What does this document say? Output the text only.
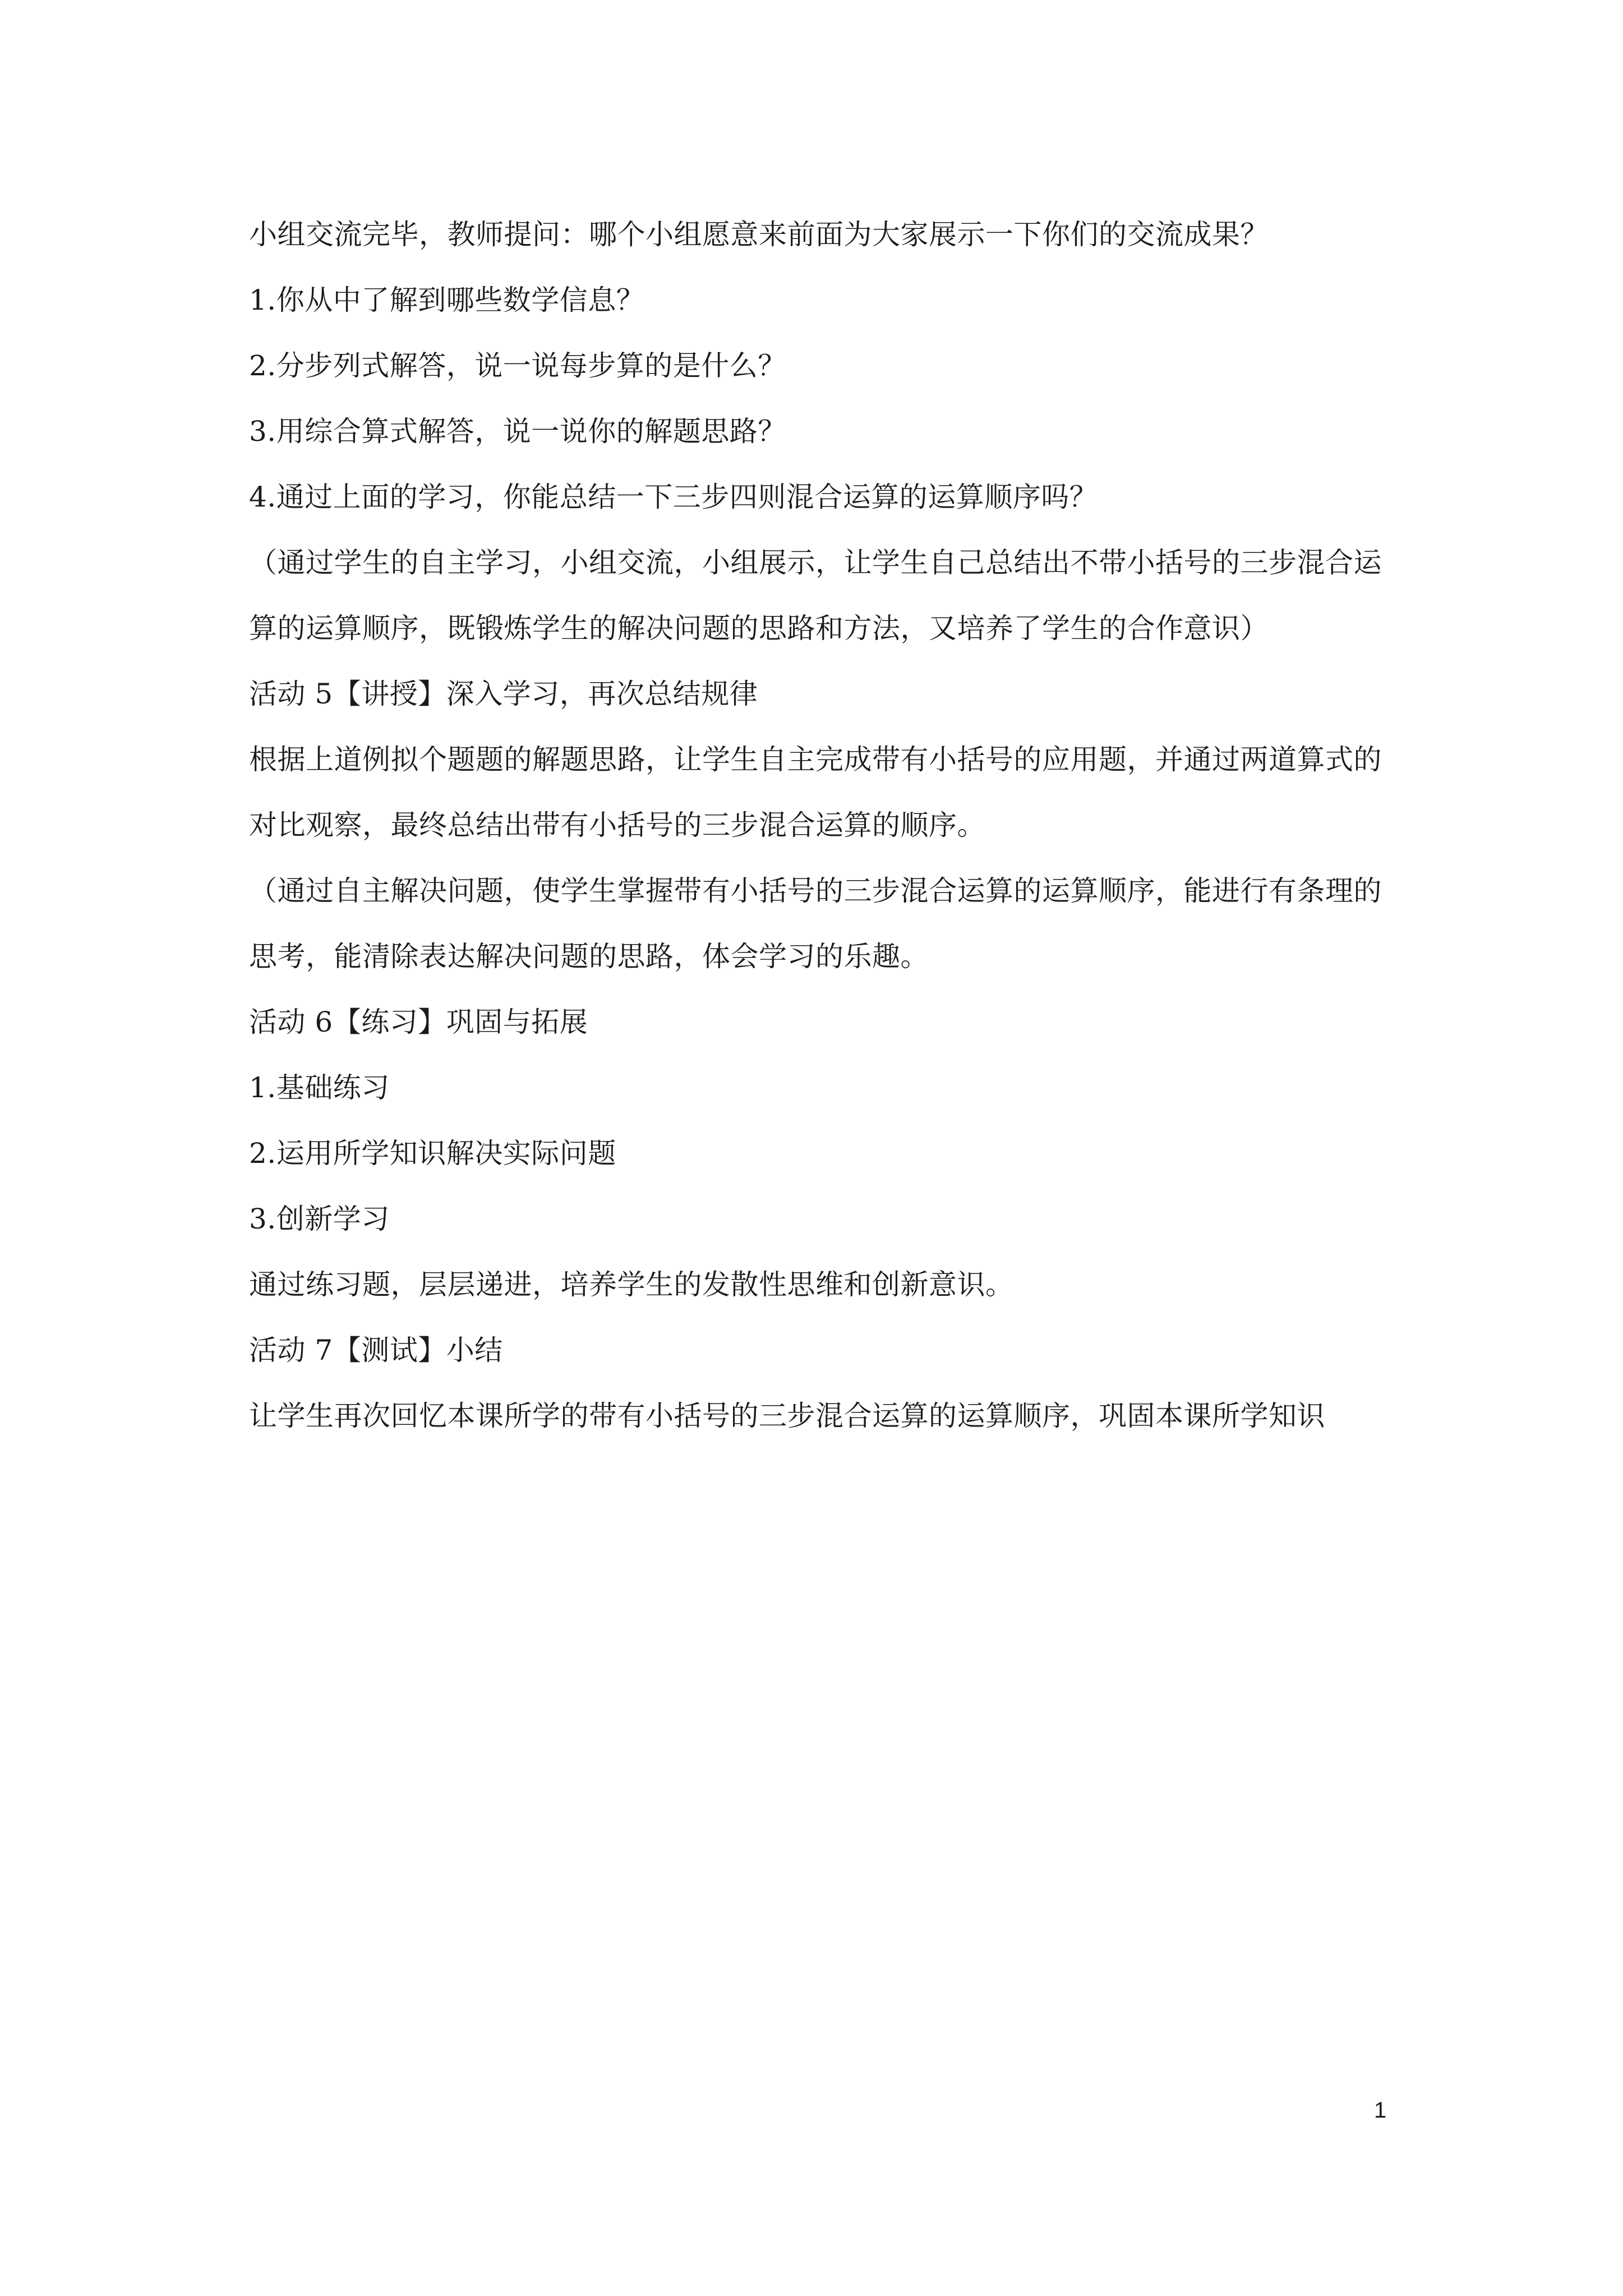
小组交流完毕，教师提问：哪个小组愿意来前面为大家展示一下你们的交流成果？
1.你从中了解到哪些数学信息？
2.分步列式解答，说一说每步算的是什么？
3.用综合算式解答，说一说你的解题思路？
4.通过上面的学习，你能总结一下三步四则混合运算的运算顺序吗？
（通过学生的自主学习，小组交流，小组展示，让学生自己总结出不带小括号的三步混合运
算的运算顺序，既锻炼学生的解决问题的思路和方法，又培养了学生的合作意识）
活动 5【讲授】深入学习，再次总结规律
根据上道例拟个题题的解题思路，让学生自主完成带有小括号的应用题，并通过两道算式的
对比观察，最终总结出带有小括号的三步混合运算的顺序。
（通过自主解决问题，使学生掌握带有小括号的三步混合运算的运算顺序，能进行有条理的
思考，能清除表达解决问题的思路，体会学习的乐趣。
活动 6【练习】巩固与拓展
1.基础练习
2.运用所学知识解决实际问题
3.创新学习
通过练习题，层层递进，培养学生的发散性思维和创新意识。
活动 7【测试】小结
让学生再次回忆本课所学的带有小括号的三步混合运算的运算顺序，巩固本课所学知识
1
